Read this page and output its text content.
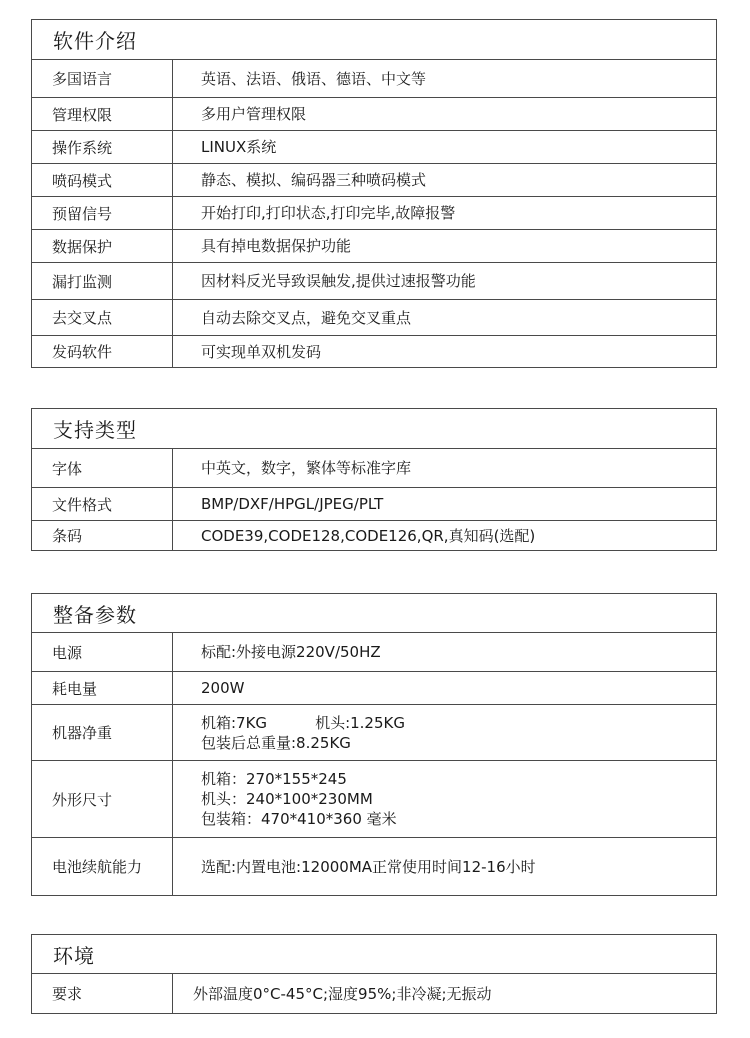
软件介绍	
多国语言	英语、法语、俄语、德语、中文等
管理权限	多用户管理权限
操作系统	LINUX系统
喷码模式	静态、模拟、编码器三种喷码模式
预留信号	开始打印,打印状态,打印完毕,故障报警
数据保护	具有掉电数据保护功能
漏打监测	因材料反光导致误触发,提供过速报警功能
去交叉点	自动去除交叉点，避免交叉重点
发码软件	可实现单双机发码
支持类型	
字体	中英文，数字，繁体等标准字库
文件格式	BMP/DXF/HPGL/JPEG/PLT
条码	CODE39,CODE128,CODE126,QR,真知码(选配)
整备参数	
电源	标配:外接电源220V/50HZ
耗电量	200W
机器净重	机箱:7KG 机头:1.25KG
包装后总重量:8.25KG

外形尺寸	机箱：270*155*245
机头：240*100*230MM
包装箱：470*410*360 毫米

电池续航能力	选配:内置电池:12000MA正常使用时间12-16小时
环境
要求	外部温度0°C-45°C;湿度95%;非冷凝;无振动
